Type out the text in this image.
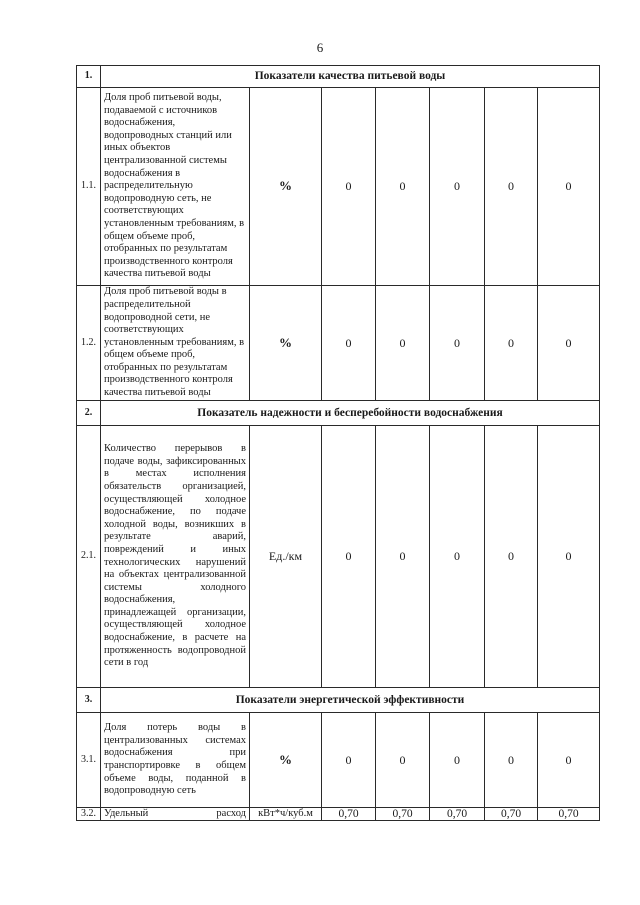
6
1.	Показатели качества питьевой воды						
1.1.	Доля проб питьевой воды, подаваемой с источников водоснабжения, водопроводных станций или иных объектов централизованной системы водоснабжения в распределительную водопроводную сеть, не соответствующих установленным требованиям, в общем объеме проб, отобранных по результатам производственного контроля качества питьевой воды	%	0	0	0	0	0
1.2.	Доля проб питьевой воды в распределительной водопроводной сети, не соответствующих установленным требованиям, в общем объеме проб, отобранных по результатам производственного контроля качества питьевой воды	%	0	0	0	0	0
2.	Показатель надежности и бесперебойности водоснабжения						
2.1.	Количество перерывов в подаче воды, зафиксированных в местах исполнения обязательств организацией, осуществляющей холодное водоснабжение, по подаче холодной воды, возникших в результате аварий, повреждений и иных технологических нарушений на объектах централизованной системы холодного водоснабжения, принадлежащей организации, осуществляющей холодное водоснабжение, в расчете на протяженность водопроводной сети в год	Ед./км	0	0	0	0	0
3.	Показатели энергетической эффективности						
3.1.	Доля потерь воды в централизованных системах водоснабжения при транспортировке в общем объеме воды, поданной в водопроводную сеть	%	0	0	0	0	0
3.2.	Удельный расход	кВт*ч/куб.м	0,70	0,70	0,70	0,70	0,70
